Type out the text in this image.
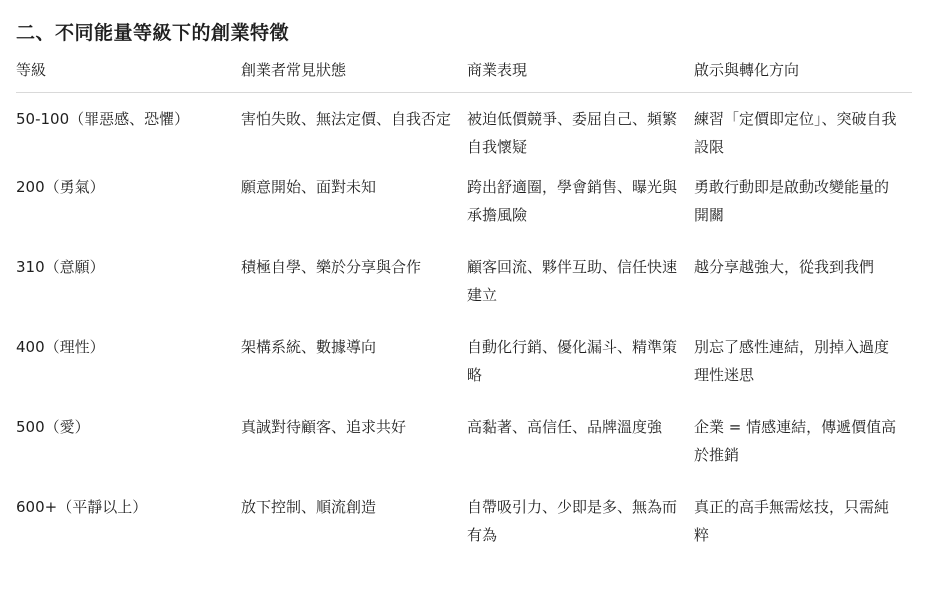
二、不同能量等級下的創業特徵
等級	創業者常見狀態	商業表現	啟示與轉化方向

50-100（罪惡感、恐懼）	害怕失敗、無法定價、自我否定	被迫低價競爭、委屈自己、頻繁自我懷疑	練習「定價即定位」、突破自我設限

200（勇氣）	願意開始、面對未知	跨出舒適圈，學會銷售、曝光與承擔風險	勇敢行動即是啟動改變能量的開關

310（意願）	積極自學、樂於分享與合作	顧客回流、夥伴互助、信任快速建立	越分享越強大，從我到我們

400（理性）	架構系統、數據導向	自動化行銷、優化漏斗、精準策略	別忘了感性連結，別掉入過度理性迷思

500（愛）	真誠對待顧客、追求共好	高黏著、高信任、品牌溫度強	企業 = 情感連結，傳遞價值高於推銷

600+（平靜以上）	放下控制、順流創造	自帶吸引力、少即是多、無為而有為	真正的高手無需炫技，只需純粹
